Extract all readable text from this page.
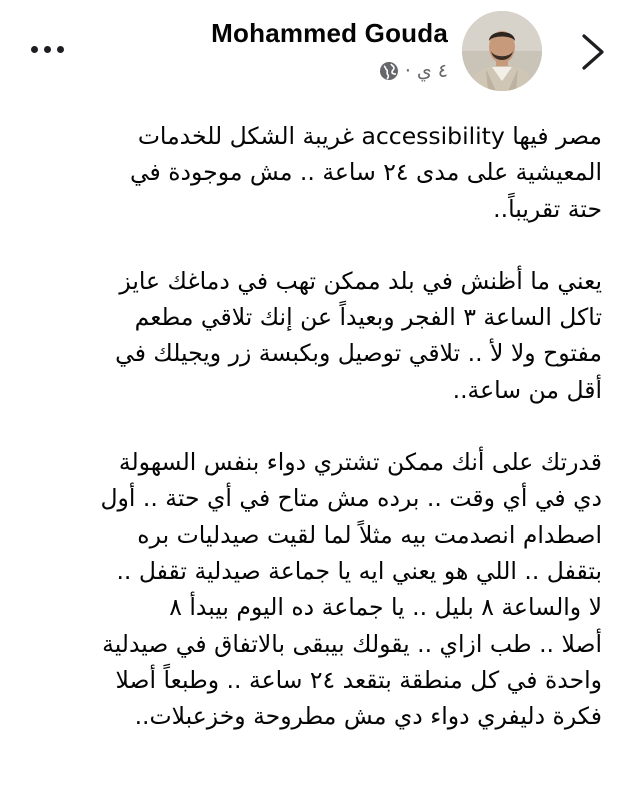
Mohammed Gouda
٤ ي
·

مصر فيها accessibility غريبة الشكل للخدمات
المعيشية على مدى ٢٤ ساعة .. مش موجودة في
حتة تقريباً..

يعني ما أظنش في بلد ممكن تهب في دماغك عايز
تاكل الساعة ٣ الفجر وبعيداً عن إنك تلاقي مطعم
مفتوح ولا لأ .. تلاقي توصيل وبكبسة زر ويجيلك في
أقل من ساعة..

قدرتك على أنك ممكن تشتري دواء بنفس السهولة
دي في أي وقت .. برده مش متاح في أي حتة .. أول
اصطدام انصدمت بيه مثلاً لما لقيت صيدليات بره
بتقفل .. اللي هو يعني ايه يا جماعة صيدلية تقفل ..
لا والساعة ٨ بليل .. يا جماعة ده اليوم بيبدأ ٨
أصلا .. طب ازاي .. يقولك بيبقى بالاتفاق في صيدلية
واحدة في كل منطقة بتقعد ٢٤ ساعة .. وطبعاً أصلا
فكرة دليفري دواء دي مش مطروحة وخزعبلات..
